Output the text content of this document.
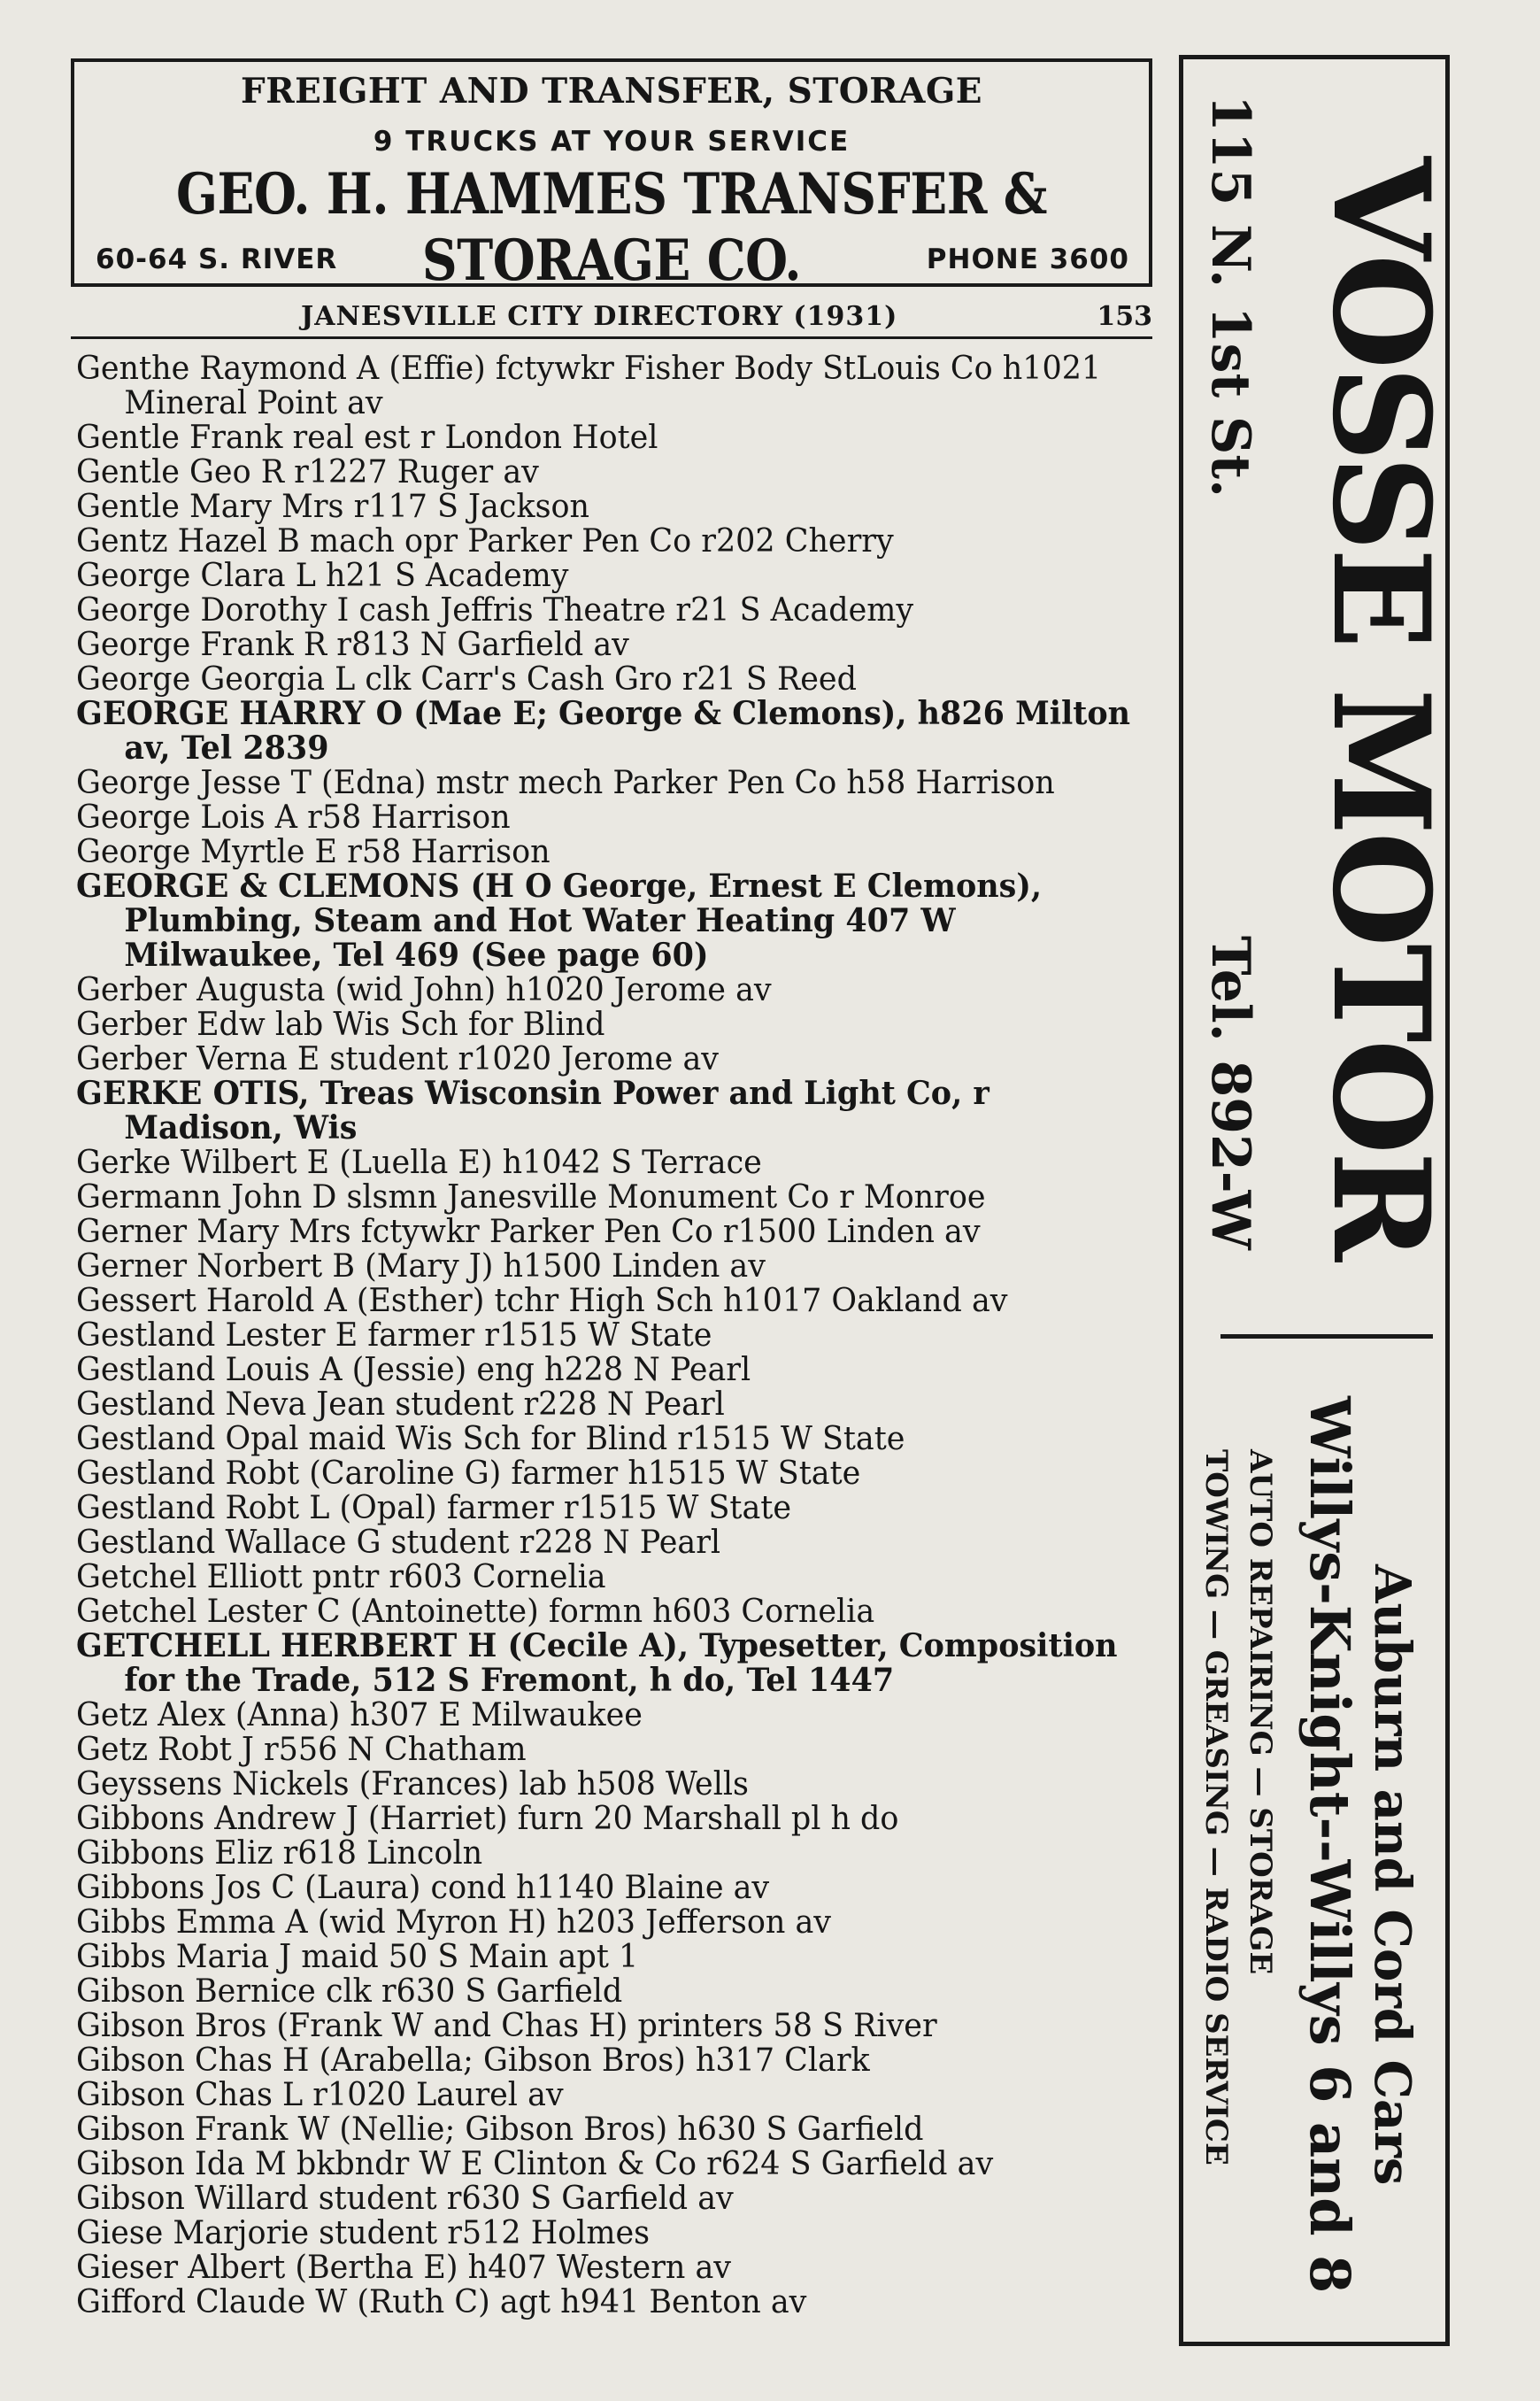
FREIGHT AND TRANSFER, STORAGE
9 TRUCKS AT YOUR SERVICE
GEO. H. HAMMES TRANSFER & STORAGE CO.
60-64 S. RIVER	PHONE 3600
JANESVILLE CITY DIRECTORY (1931)	153
Genthe Raymond A (Effie) fctywkr Fisher Body StLouis Co h1021 Mineral Point av
Gentle Frank real est r London Hotel
Gentle Geo R r1227 Ruger av
Gentle Mary Mrs r117 S Jackson
Gentz Hazel B mach opr Parker Pen Co r202 Cherry
George Clara L h21 S Academy
George Dorothy I cash Jeffris Theatre r21 S Academy
George Frank R r813 N Garfield av
George Georgia L clk Carr's Cash Gro r21 S Reed
GEORGE HARRY O (Mae E; George & Clemons), h826 Milton av, Tel 2839
George Jesse T (Edna) mstr mech Parker Pen Co h58 Harrison
George Lois A r58 Harrison
George Myrtle E r58 Harrison
GEORGE & CLEMONS (H O George, Ernest E Clemons), Plumbing, Steam and Hot Water Heating 407 W Milwaukee, Tel 469 (See page 60)
Gerber Augusta (wid John) h1020 Jerome av
Gerber Edw lab Wis Sch for Blind
Gerber Verna E student r1020 Jerome av
GERKE OTIS, Treas Wisconsin Power and Light Co, r Madison, Wis
Gerke Wilbert E (Luella E) h1042 S Terrace
Germann John D slsmn Janesville Monument Co r Monroe
Gerner Mary Mrs fctywkr Parker Pen Co r1500 Linden av
Gerner Norbert B (Mary J) h1500 Linden av
Gessert Harold A (Esther) tchr High Sch h1017 Oakland av
Gestland Lester E farmer r1515 W State
Gestland Louis A (Jessie) eng h228 N Pearl
Gestland Neva Jean student r228 N Pearl
Gestland Opal maid Wis Sch for Blind r1515 W State
Gestland Robt (Caroline G) farmer h1515 W State
Gestland Robt L (Opal) farmer r1515 W State
Gestland Wallace G student r228 N Pearl
Getchel Elliott pntr r603 Cornelia
Getchel Lester C (Antoinette) formn h603 Cornelia
GETCHELL HERBERT H (Cecile A), Typesetter, Composition for the Trade, 512 S Fremont, h do, Tel 1447
Getz Alex (Anna) h307 E Milwaukee
Getz Robt J r556 N Chatham
Geyssens Nickels (Frances) lab h508 Wells
Gibbons Andrew J (Harriet) furn 20 Marshall pl h do
Gibbons Eliz r618 Lincoln
Gibbons Jos C (Laura) cond h1140 Blaine av
Gibbs Emma A (wid Myron H) h203 Jefferson av
Gibbs Maria J maid 50 S Main apt 1
Gibson Bernice clk r630 S Garfield
Gibson Bros (Frank W and Chas H) printers 58 S River
Gibson Chas H (Arabella; Gibson Bros) h317 Clark
Gibson Chas L r1020 Laurel av
Gibson Frank W (Nellie; Gibson Bros) h630 S Garfield
Gibson Ida M bkbndr W E Clinton & Co r624 S Garfield av
Gibson Willard student r630 S Garfield av
Giese Marjorie student r512 Holmes
Gieser Albert (Bertha E) h407 Western av
Gifford Claude W (Ruth C) agt h941 Benton av
115 N. 1st St.
Tel. 892-W VOSSE MOTOR
Auburn and Cord Cars
Willys-Knight--Willys 6 and 8
AUTO REPAIRING — STORAGE
TOWING — GREASING — RADIO SERVICE
